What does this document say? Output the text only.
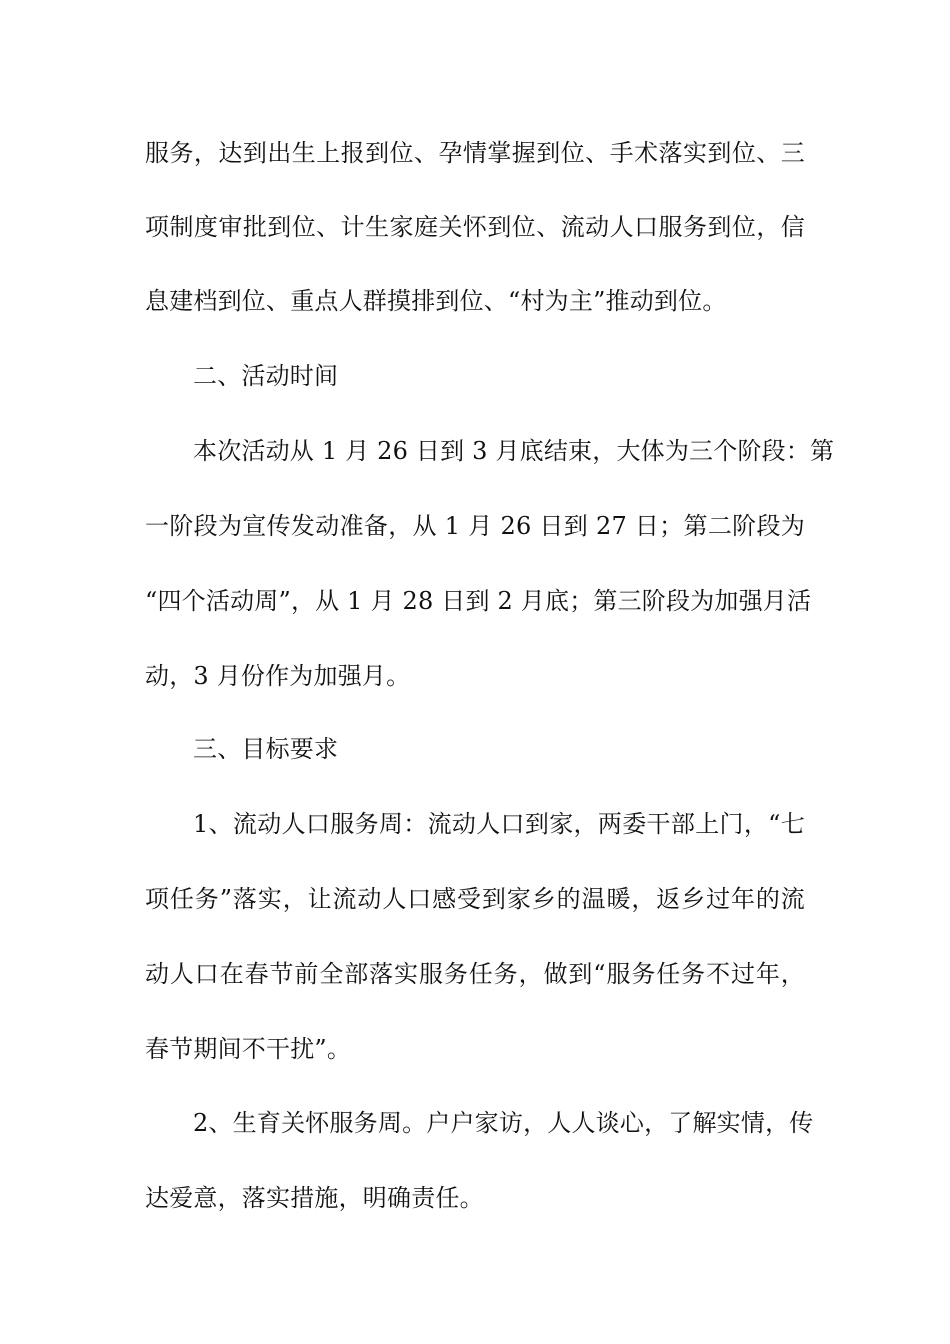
服务，达到出生上报到位、孕情掌握到位、手术落实到位、三
项制度审批到位、计生家庭关怀到位、流动人口服务到位，信
息建档到位、重点人群摸排到位、“村为主”推动到位。
二、活动时间
本次活动从 1 月 26 日到 3 月底结束，大体为三个阶段：第
一阶段为宣传发动准备，从 1 月 26 日到 27 日；第二阶段为
“四个活动周”，从 1 月 28 日到 2 月底；第三阶段为加强月活
动，3 月份作为加强月。
三、目标要求
1、流动人口服务周：流动人口到家，两委干部上门，“七
项任务”落实，让流动人口感受到家乡的温暖，返乡过年的流
动人口在春节前全部落实服务任务，做到“服务任务不过年，
春节期间不干扰”。
2、生育关怀服务周。户户家访，人人谈心，了解实情，传
达爱意，落实措施，明确责任。
